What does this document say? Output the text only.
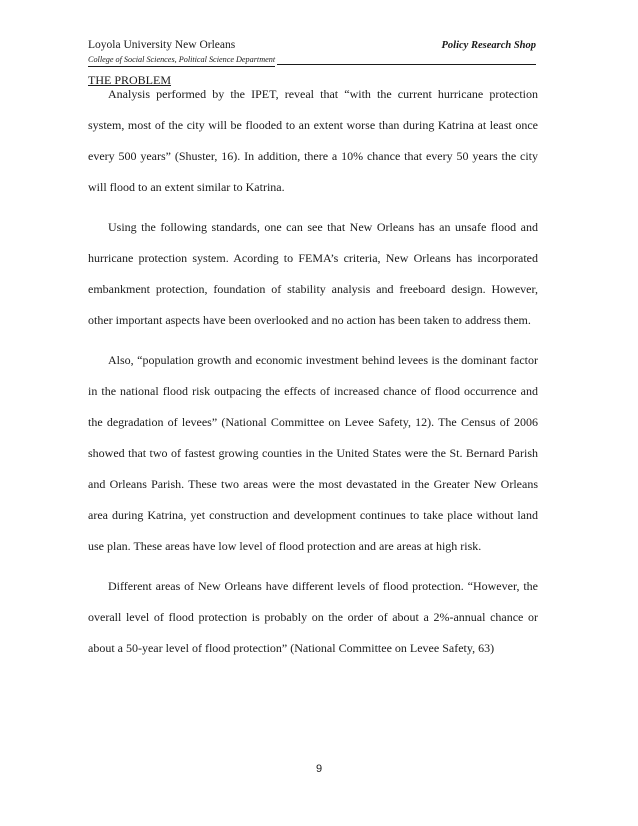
Loyola University New Orleans	Policy Research Shop
College of Social Sciences, Political Science Department

THE PROBLEM

Analysis performed by the IPET, reveal that “with the current hurricane protection system, most of the city will be flooded to an extent worse than during Katrina at least once every 500 years” (Shuster, 16). In addition, there a 10% chance that every 50 years the city will flood to an extent similar to Katrina.

Using the following standards, one can see that New Orleans has an unsafe flood and hurricane protection system. Acording to FEMA’s criteria, New Orleans has incorporated embankment protection, foundation of stability analysis and freeboard design. However, other important aspects have been overlooked and no action has been taken to address them.

Also, “population growth and economic investment behind levees is the dominant factor in the national flood risk outpacing the effects of increased chance of flood occurrence and the degradation of levees” (National Committee on Levee Safety, 12). The Census of 2006 showed that two of fastest growing counties in the United States were the St. Bernard Parish and Orleans Parish. These two areas were the most devastated in the Greater New Orleans area during Katrina, yet construction and development continues to take place without land use plan. These areas have low level of flood protection and are areas at high risk.

Different areas of New Orleans have different levels of flood protection. “However, the overall level of flood protection is probably on the order of about a 2%-annual chance or about a 50-year level of flood protection” (National Committee on Levee Safety, 63)

9
